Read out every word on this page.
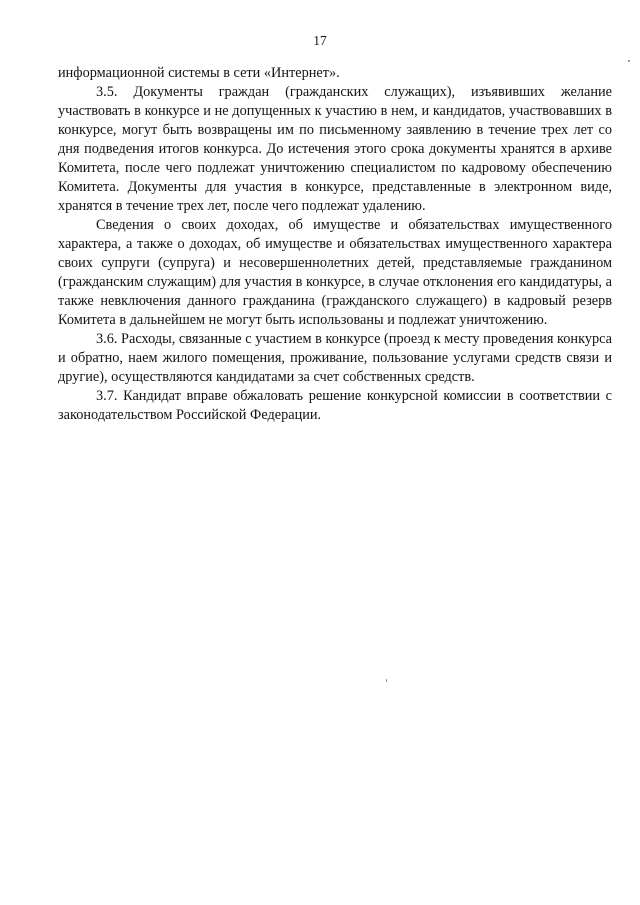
17

информационной системы в сети «Интернет».

3.5. Документы граждан (гражданских служащих), изъявивших желание участвовать в конкурсе и не допущенных к участию в нем, и кандидатов, участвовавших в конкурсе, могут быть возвращены им по письменному заявлению в течение трех лет со дня подведения итогов конкурса. До истечения этого срока документы хранятся в архиве Комитета, после чего подлежат уничтожению специалистом по кадровому обеспечению Комитета. Документы для участия в конкурсе, представленные в электронном виде, хранятся в течение трех лет, после чего подлежат удалению.

Сведения о своих доходах, об имуществе и обязательствах имущественного характера, а также о доходах, об имуществе и обязательствах имущественного характера своих супруги (супруга) и несовершеннолетних детей, представляемые гражданином (гражданским служащим) для участия в конкурсе, в случае отклонения его кандидатуры, а также невключения данного гражданина (гражданского служащего) в кадровый резерв Комитета в дальнейшем не могут быть использованы и подлежат уничтожению.

3.6. Расходы, связанные с участием в конкурсе (проезд к месту проведения конкурса и обратно, наем жилого помещения, проживание, пользование услугами средств связи и другие), осуществляются кандидатами за счет собственных средств.

3.7. Кандидат вправе обжаловать решение конкурсной комиссии в соответствии с законодательством Российской Федерации.
